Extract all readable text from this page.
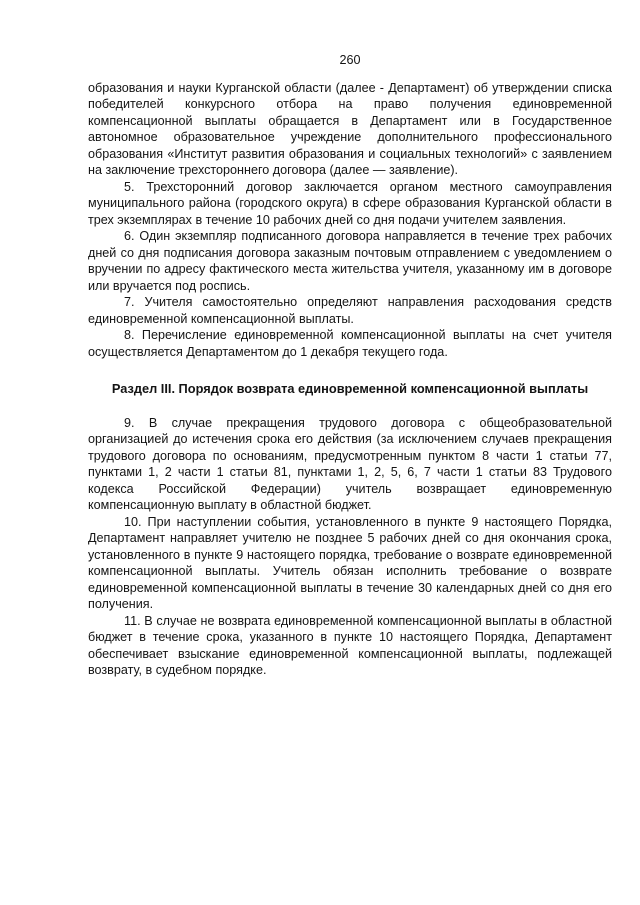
260

образования и науки Курганской области (далее - Департамент) об утверждении списка победителей конкурсного отбора на право получения единовременной компенсационной выплаты обращается в Департамент или в Государственное автономное образовательное учреждение дополнительного профессионального образования «Институт развития образования и социальных технологий» с заявлением на заключение трехстороннего договора (далее — заявление).

5. Трехсторонний договор заключается органом местного самоуправления муниципального района (городского округа) в сфере образования Курганской области в трех экземплярах в течение 10 рабочих дней со дня подачи учителем заявления.

6. Один экземпляр подписанного договора направляется в течение трех рабочих дней со дня подписания договора заказным почтовым отправлением с уведомлением о вручении по адресу фактического места жительства учителя, указанному им в договоре или вручается под роспись.

7. Учителя самостоятельно определяют направления расходования средств единовременной компенсационной выплаты.

8. Перечисление единовременной компенсационной выплаты на счет учителя осуществляется Департаментом до 1 декабря текущего года.

Раздел III. Порядок возврата единовременной компенсационной выплаты

9. В случае прекращения трудового договора с общеобразовательной организацией до истечения срока его действия (за исключением случаев прекращения трудового договора по основаниям, предусмотренным пунктом 8 части 1 статьи 77, пунктами 1, 2 части 1 статьи 81, пунктами 1, 2, 5, 6, 7 части 1 статьи 83 Трудового кодекса Российской Федерации) учитель возвращает единовременную компенсационную выплату в областной бюджет.

10. При наступлении события, установленного в пункте 9 настоящего Порядка, Департамент направляет учителю не позднее 5 рабочих дней со дня окончания срока, установленного в пункте 9 настоящего порядка, требование о возврате единовременной компенсационной выплаты. Учитель обязан исполнить требование о возврате единовременной компенсационной выплаты в течение 30 календарных дней со дня его получения.

11. В случае не возврата единовременной компенсационной выплаты в областной бюджет в течение срока, указанного в пункте 10 настоящего Порядка, Департамент обеспечивает взыскание единовременной компенсационной выплаты, подлежащей возврату, в судебном порядке.
